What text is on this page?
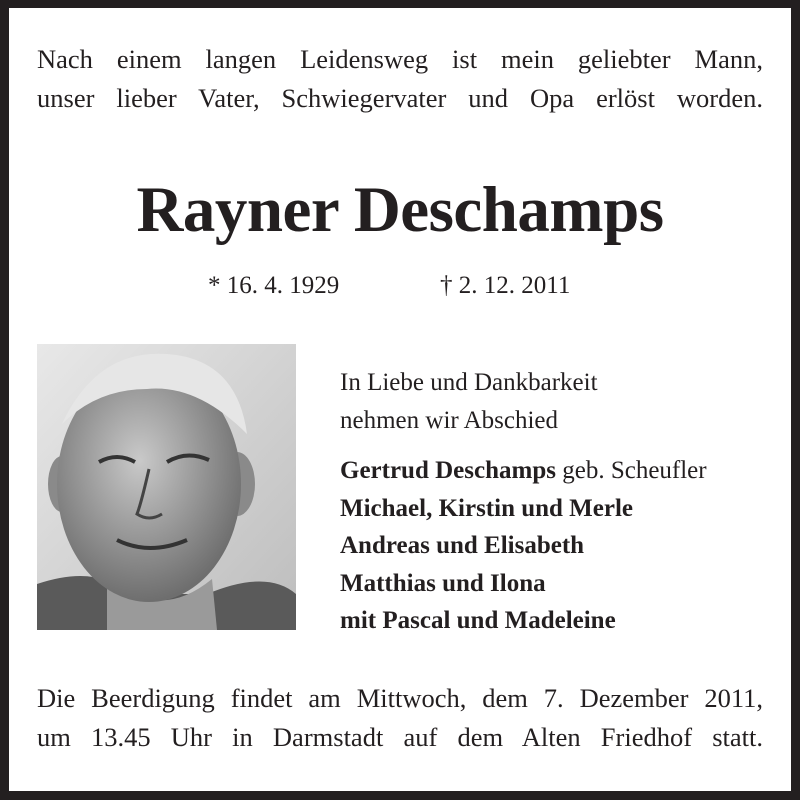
Nach einem langen Leidensweg ist mein geliebter Mann,
unser lieber Vater, Schwiegervater und Opa erlöst worden.
Rayner Deschamps
* 16. 4. 1929	† 2. 12. 2011
In Liebe und Dankbarkeit
nehmen wir Abschied
Gertrud Deschamps geb. Scheufler
Michael, Kirstin und Merle
Andreas und Elisabeth
Matthias und Ilona
mit Pascal und Madeleine
Die Beerdigung findet am Mittwoch, dem 7. Dezember 2011,
um 13.45 Uhr in Darmstadt auf dem Alten Friedhof statt.
